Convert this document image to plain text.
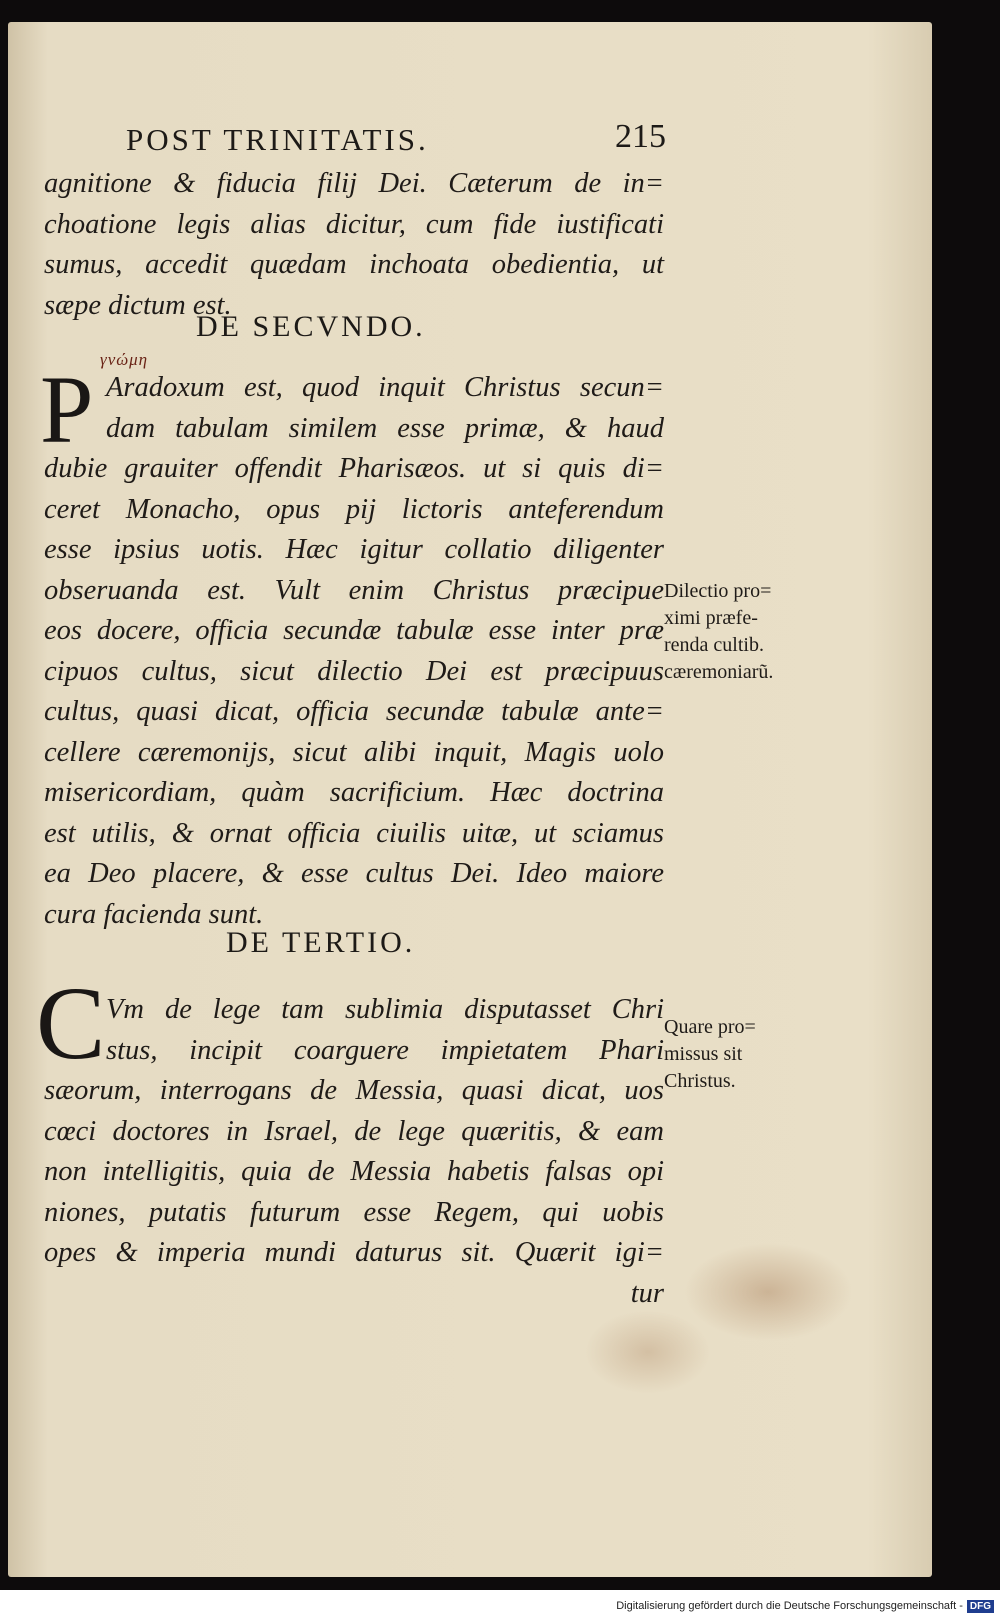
POST TRINITATIS.	215
agnitione & fiducia filij Dei. Cæterum de in=
choatione legis alias dicitur, cum fide iustificati
sumus, accedit quædam inchoata obedientia, ut
sæpe dictum est.
DE SECVNDO.
γνώμη
P Aradoxum est, quod inquit Christus secun=
dam tabulam similem esse primæ, & haud
dubie grauiter offendit Pharisæos. ut si quis di=
ceret Monacho, opus pij lictoris anteferendum
esse ipsius uotis. Hæc igitur collatio diligenter
obseruanda est. Vult enim Christus præcipue
eos docere, officia secundæ tabulæ esse inter præ
cipuos cultus, sicut dilectio Dei est præcipuus
cultus, quasi dicat, officia secundæ tabulæ ante=
cellere cæremonijs, sicut alibi inquit, Magis uolo
misericordiam, quàm sacrificium. Hæc doctrina
est utilis, & ornat officia ciuilis uitæ, ut sciamus
ea Deo placere, & esse cultus Dei. Ideo maiore
cura facienda sunt.
Dilectio pro=
ximi præfe-
renda cultib.
cæremoniarũ.
DE TERTIO.
C Vm de lege tam sublimia disputasset Chri
stus, incipit coarguere impietatem Phari
sæorum, interrogans de Messia, quasi dicat, uos
cœci doctores in Israel, de lege quæritis, & eam
non intelligitis, quia de Messia habetis falsas opi
niones, putatis futurum esse Regem, qui uobis
opes & imperia mundi daturus sit. Quærit igi=
tur
Quare pro=
missus sit
Christus.
Digitalisierung gefördert durch die Deutsche Forschungsgemeinschaft - DFG
